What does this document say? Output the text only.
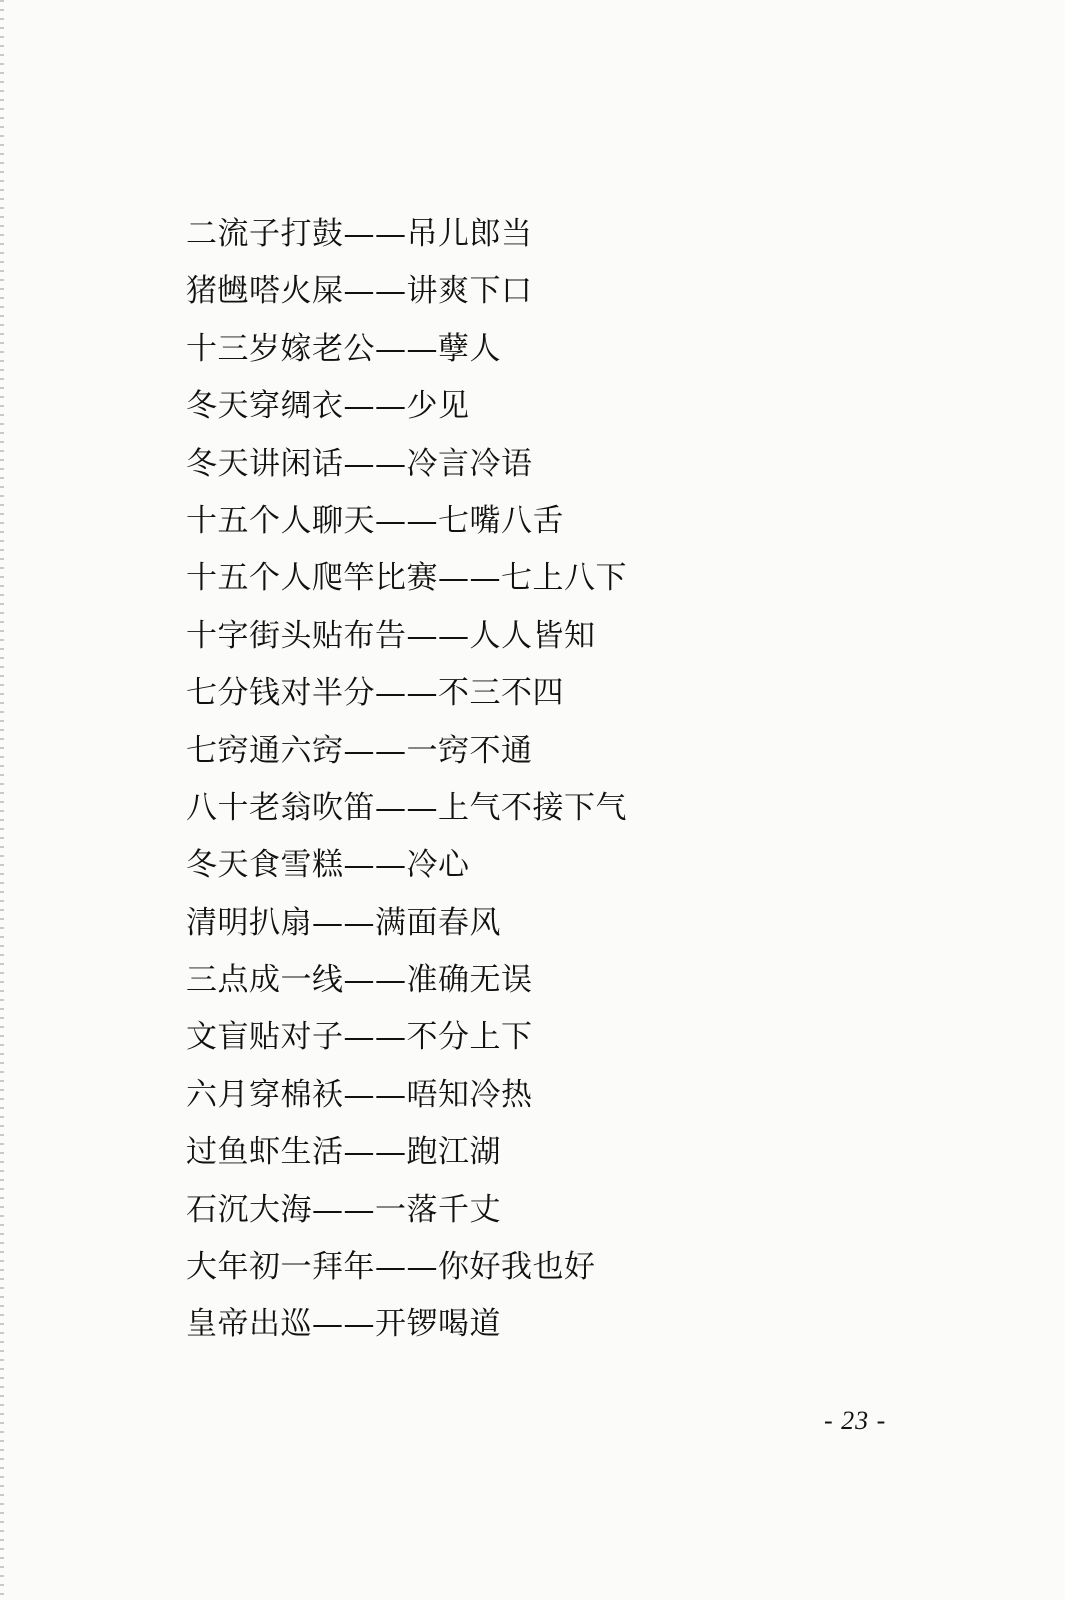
二流子打鼓——吊儿郎当
猪乸嗒火屎——讲爽下口
十三岁嫁老公——孽人
冬天穿绸衣——少见
冬天讲闲话——冷言冷语
十五个人聊天——七嘴八舌
十五个人爬竿比赛——七上八下
十字街头贴布告——人人皆知
七分钱对半分——不三不四
七窍通六窍——一窍不通
八十老翁吹笛——上气不接下气
冬天食雪糕——冷心
清明扒扇——满面春风
三点成一线——准确无误
文盲贴对子——不分上下
六月穿棉袄——唔知冷热
过鱼虾生活——跑江湖
石沉大海——一落千丈
大年初一拜年——你好我也好
皇帝出巡——开锣喝道
- 23 -
